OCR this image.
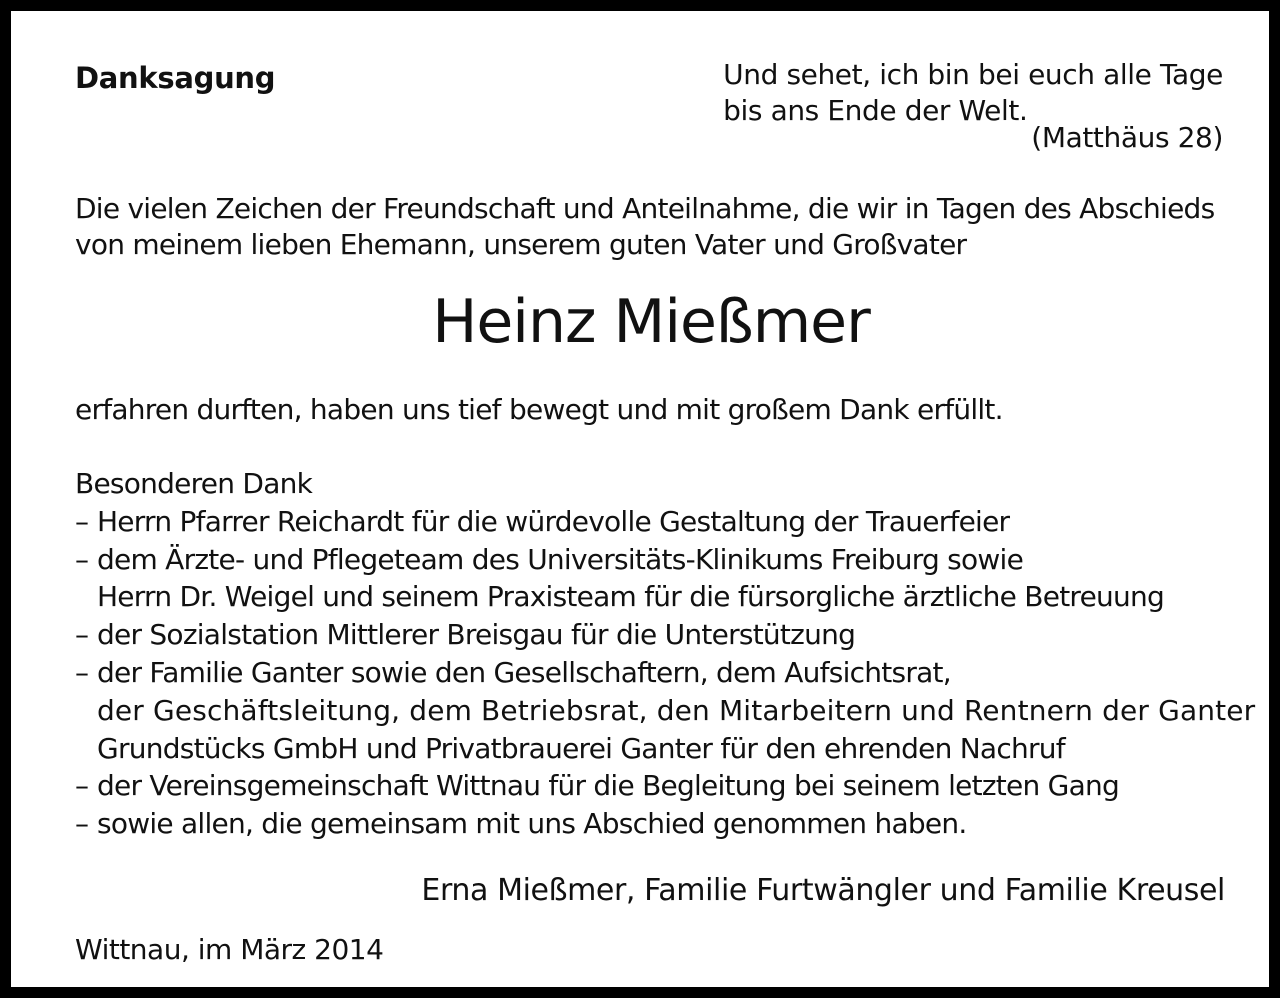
Danksagung	Und sehet, ich bin bei euch alle Tage
bis ans Ende der Welt.
(Matthäus 28)
Die vielen Zeichen der Freundschaft und Anteilnahme, die wir in Tagen des Abschieds
von meinem lieben Ehemann, unserem guten Vater und Großvater
Heinz Mießmer
erfahren durften, haben uns tief bewegt und mit großem Dank erfüllt.
Besonderen Dank
– Herrn Pfarrer Reichardt für die würdevolle Gestaltung der Trauerfeier
– dem Ärzte- und Pflegeteam des Universitäts-Klinikums Freiburg sowie
Herrn Dr. Weigel und seinem Praxisteam für die fürsorgliche ärztliche Betreuung
– der Sozialstation Mittlerer Breisgau für die Unterstützung
– der Familie Ganter sowie den Gesellschaftern, dem Aufsichtsrat,
der Geschäftsleitung, dem Betriebsrat, den Mitarbeitern und Rentnern der Ganter
Grundstücks GmbH und Privatbrauerei Ganter für den ehrenden Nachruf
– der Vereinsgemeinschaft Wittnau für die Begleitung bei seinem letzten Gang
– sowie allen, die gemeinsam mit uns Abschied genommen haben.
Erna Mießmer, Familie Furtwängler und Familie Kreusel
Wittnau, im März 2014
